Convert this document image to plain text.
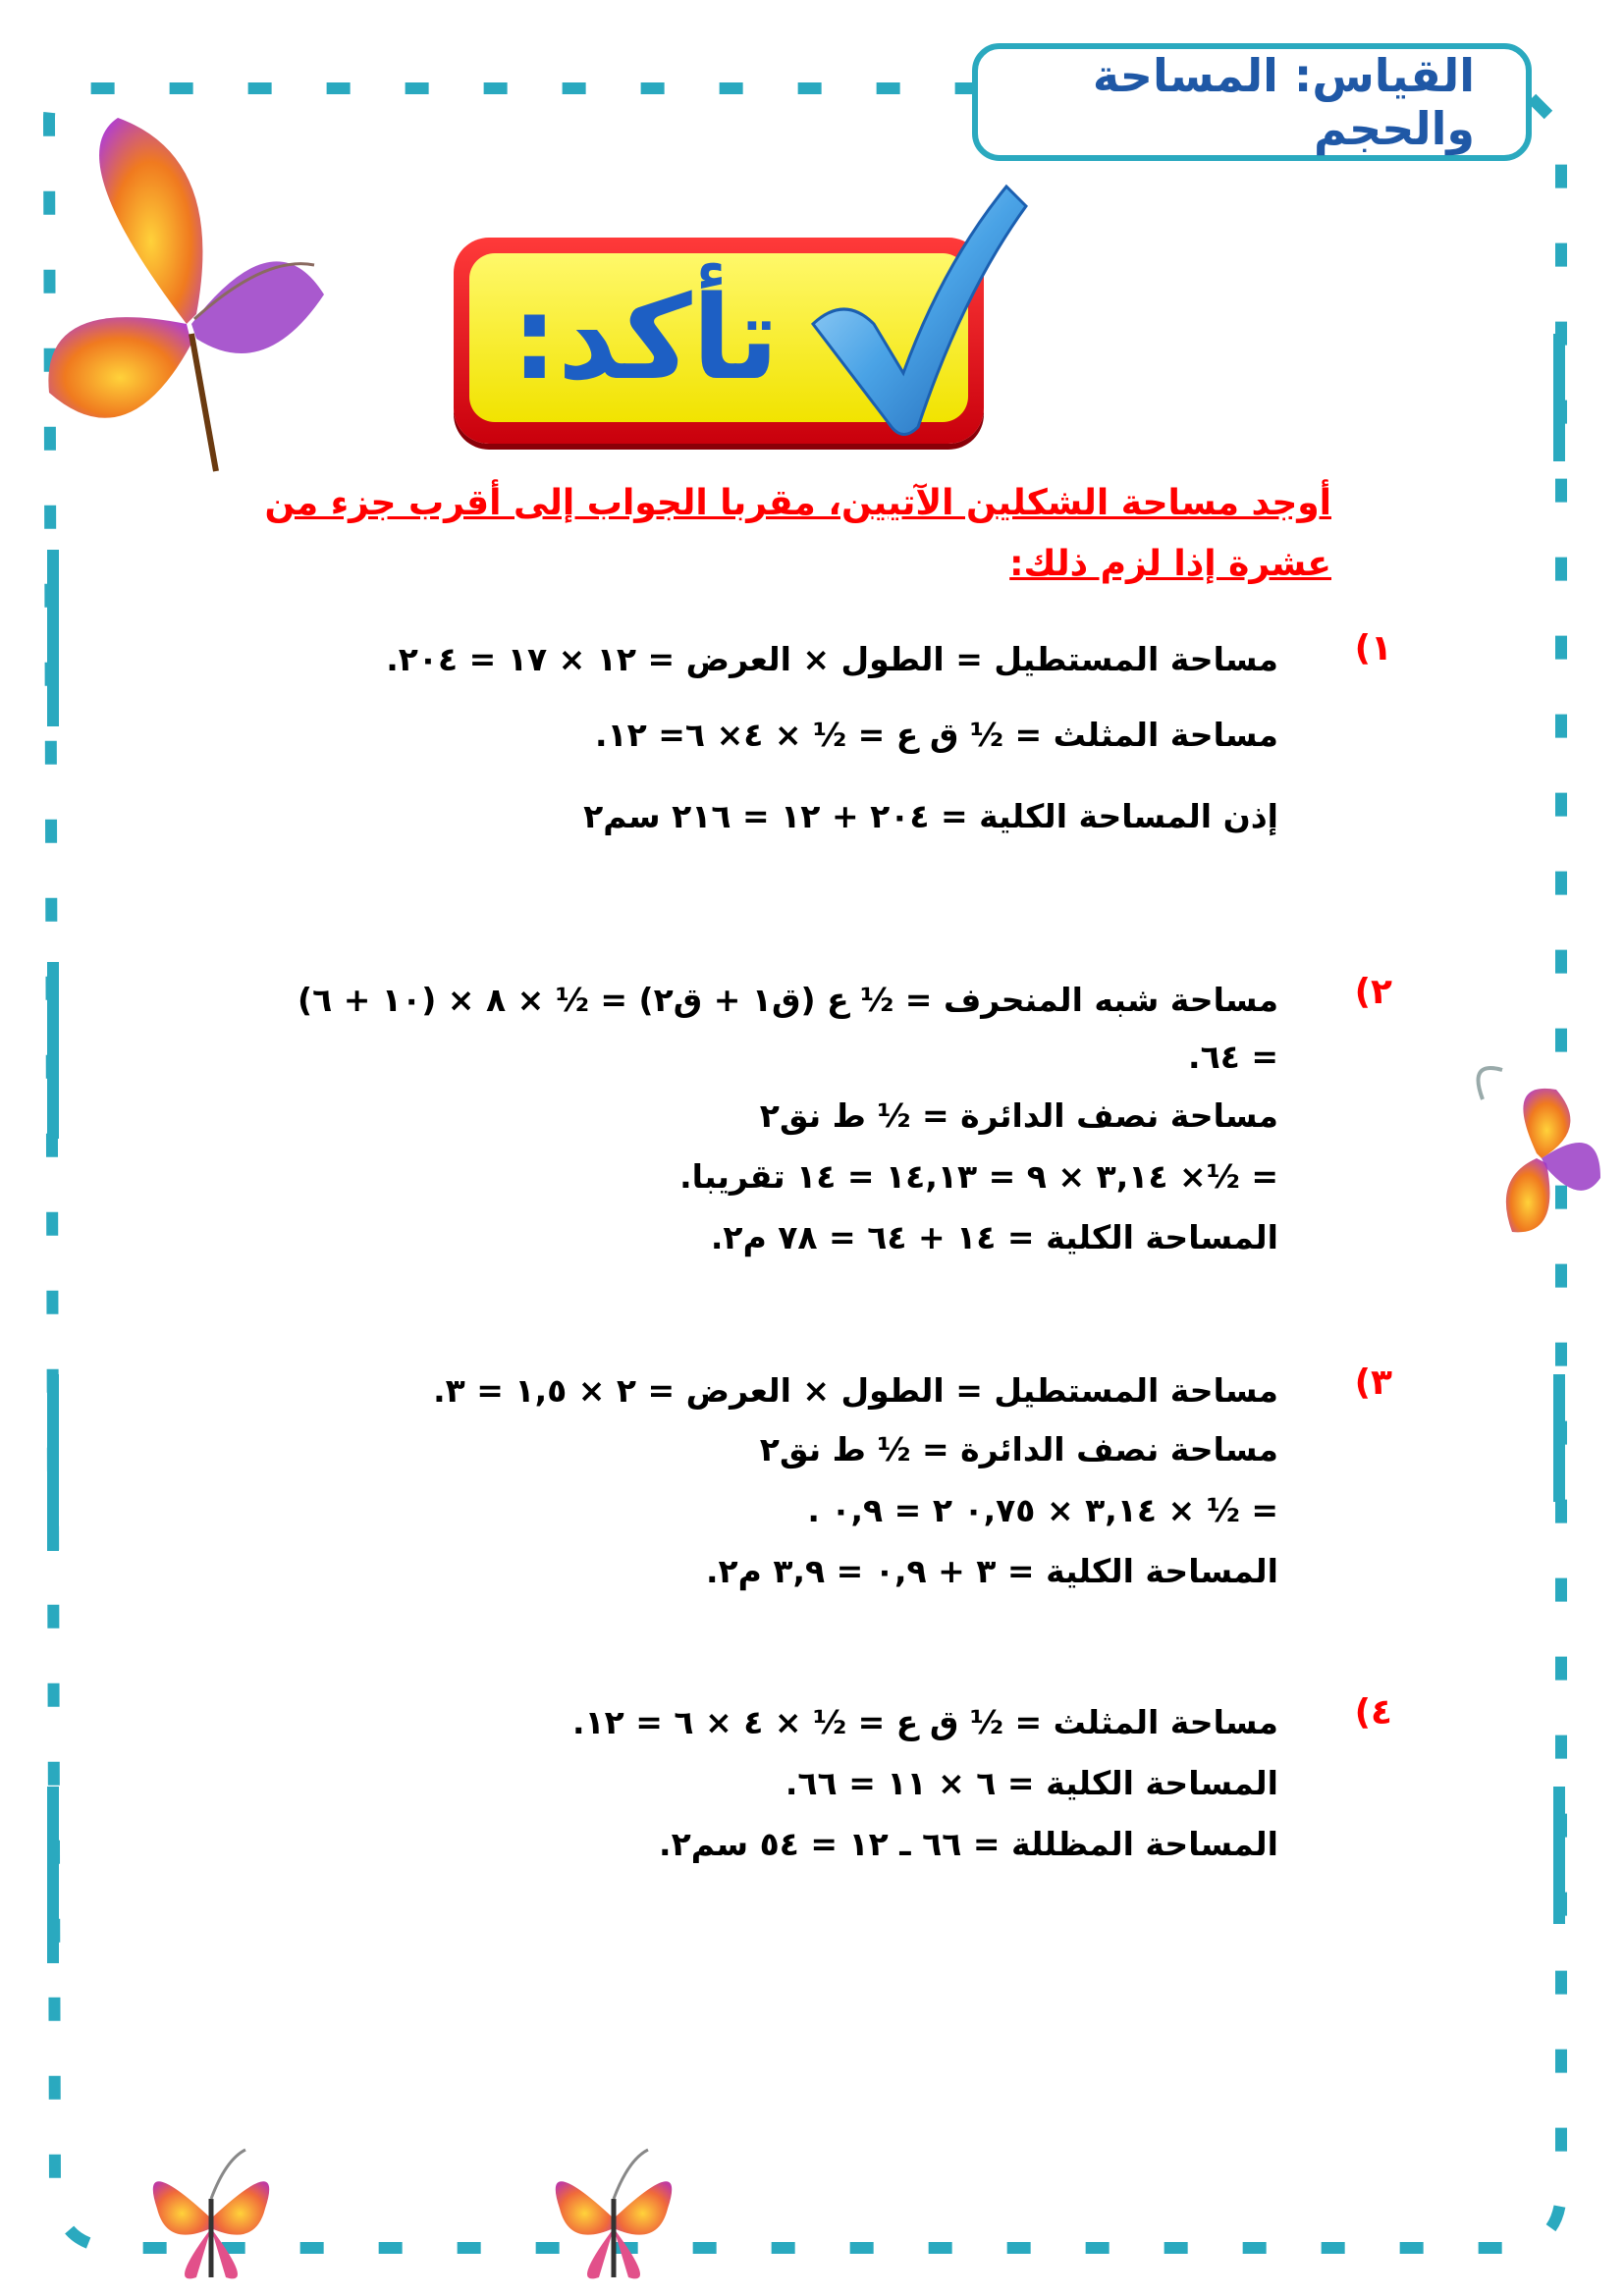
القياس: المساحة والحجم
تأكد:
أوجد مساحة الشكلين الآتيين، مقربا الجواب إلى أقرب جزء من
عشرة إذا لزم ذلك:
١)
مساحة المستطيل = الطول × العرض = ١٢ × ١٧ = ٢٠٤.
مساحة المثلث = ½ ق ع = ½ × ٤× ٦= ١٢.
إذن المساحة الكلية = ٢٠٤ + ١٢ = ٢١٦ سم٢
٢)
مساحة شبه المنحرف = ½ ع (ق١ + ق٢) = ½ × ٨ × (١٠ + ٦)
= ٦٤.
مساحة نصف الدائرة = ½ ط نق٢
= ½× ٣,١٤ × ٩ = ١٤,١٣ = ١٤ تقريبا.
المساحة الكلية = ١٤ + ٦٤ = ٧٨ م٢.
٣)
مساحة المستطيل = الطول × العرض = ٢ × ١,٥ = ٣.
مساحة نصف الدائرة = ½ ط نق٢
= ½ × ٣,١٤ × ٠,٧٥ ٢ = ٠,٩ .
المساحة الكلية = ٣ + ٠,٩ = ٣,٩ م٢.
٤)
مساحة المثلث = ½ ق ع = ½ × ٤ × ٦ = ١٢.
المساحة الكلية = ٦ × ١١ = ٦٦.
المساحة المظللة = ٦٦ ـ ١٢ = ٥٤ سم٢.
